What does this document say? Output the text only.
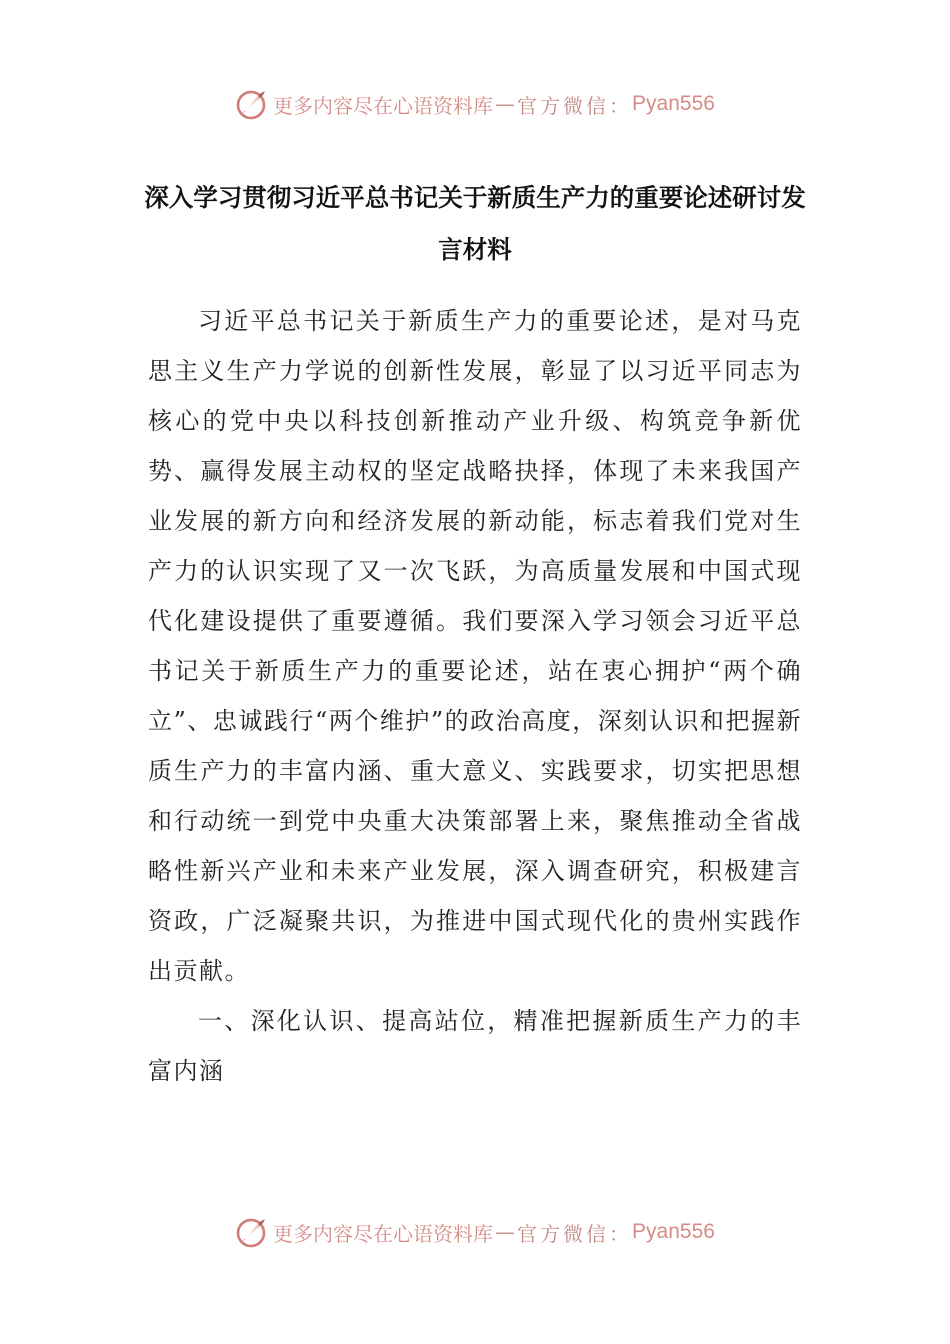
更多内容尽在心语资料库 — 官方微信： Pyan556
深入学习贯彻习近平总书记关于新质生产力的重要论述研讨发言材料

习近平总书记关于新质生产力的重要论述，是对马克思主义生产力学说的创新性发展，彰显了以习近平同志为核心的党中央以科技创新推动产业升级、构筑竞争新优势、赢得发展主动权的坚定战略抉择，体现了未来我国产业发展的新方向和经济发展的新动能，标志着我们党对生产力的认识实现了又一次飞跃，为高质量发展和中国式现代化建设提供了重要遵循。我们要深入学习领会习近平总书记关于新质生产力的重要论述，站在衷心拥护“两个确立”、忠诚践行“两个维护”的政治高度，深刻认识和把握新质生产力的丰富内涵、重大意义、实践要求，切实把思想和行动统一到党中央重大决策部署上来，聚焦推动全省战略性新兴产业和未来产业发展，深入调查研究，积极建言资政，广泛凝聚共识，为推进中国式现代化的贵州实践作出贡献。

一、深化认识、提高站位，精准把握新质生产力的丰富内涵

更多内容尽在心语资料库 — 官方微信： Pyan556
